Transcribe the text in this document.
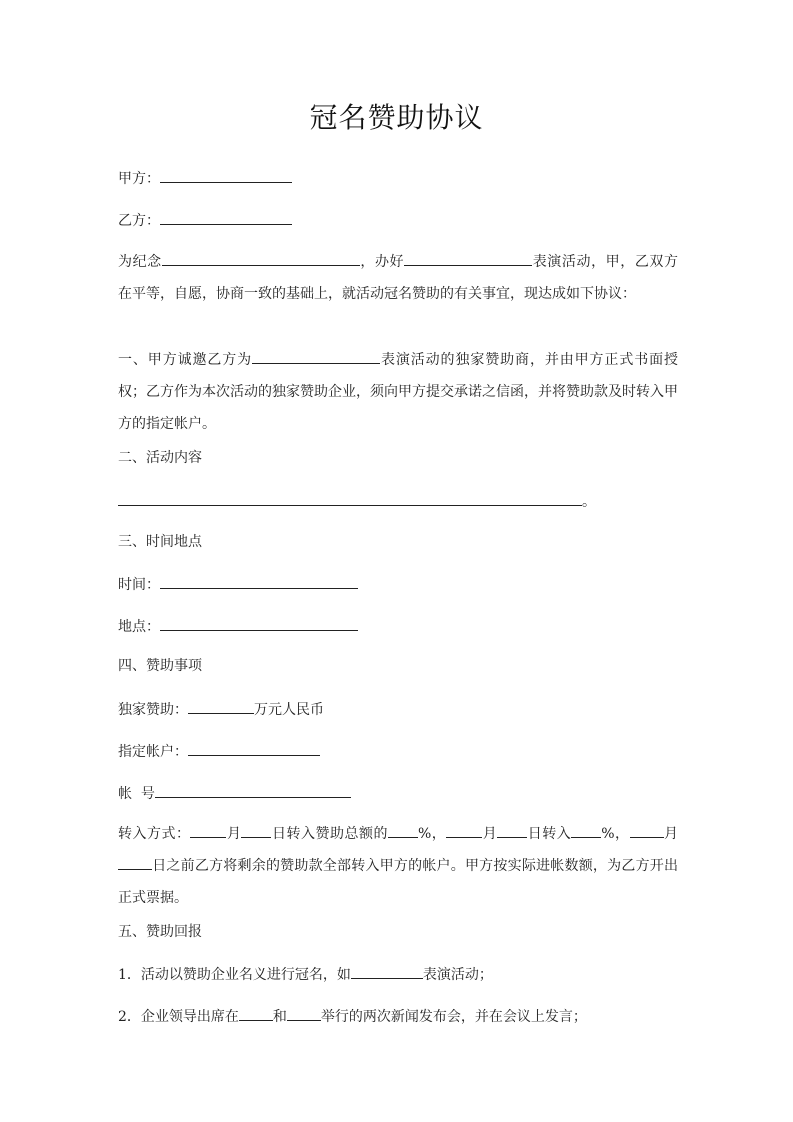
冠名赞助协议
甲方：
乙方：
为纪念	，办好	表演活动，甲，乙双方在平等，自愿，协商一致的基础上，就活动冠名赞助的有关事宜，现达成如下协议：
一、甲方诚邀乙方为	表演活动的独家赞助商，并由甲方正式书面授权；乙方作为本次活动的独家赞助企业，须向甲方提交承诺之信函，并将赞助款及时转入甲方的指定帐户。
二、活动内容
。
三、时间地点
时间：
地点：
四、赞助事项
独家赞助：	万元人民币
指定帐户：
帐  号
转入方式：	月 日转入赞助总额的 %，	月 日转入 %， 月日之前乙方将剩余的赞助款全部转入甲方的帐户。甲方按实际进帐数额，为乙方开出正式票据。
五、赞助回报
1．活动以赞助企业名义进行冠名，如	表演活动；
2．企业领导出席在 和 举行的两次新闻发布会，并在会议上发言；
